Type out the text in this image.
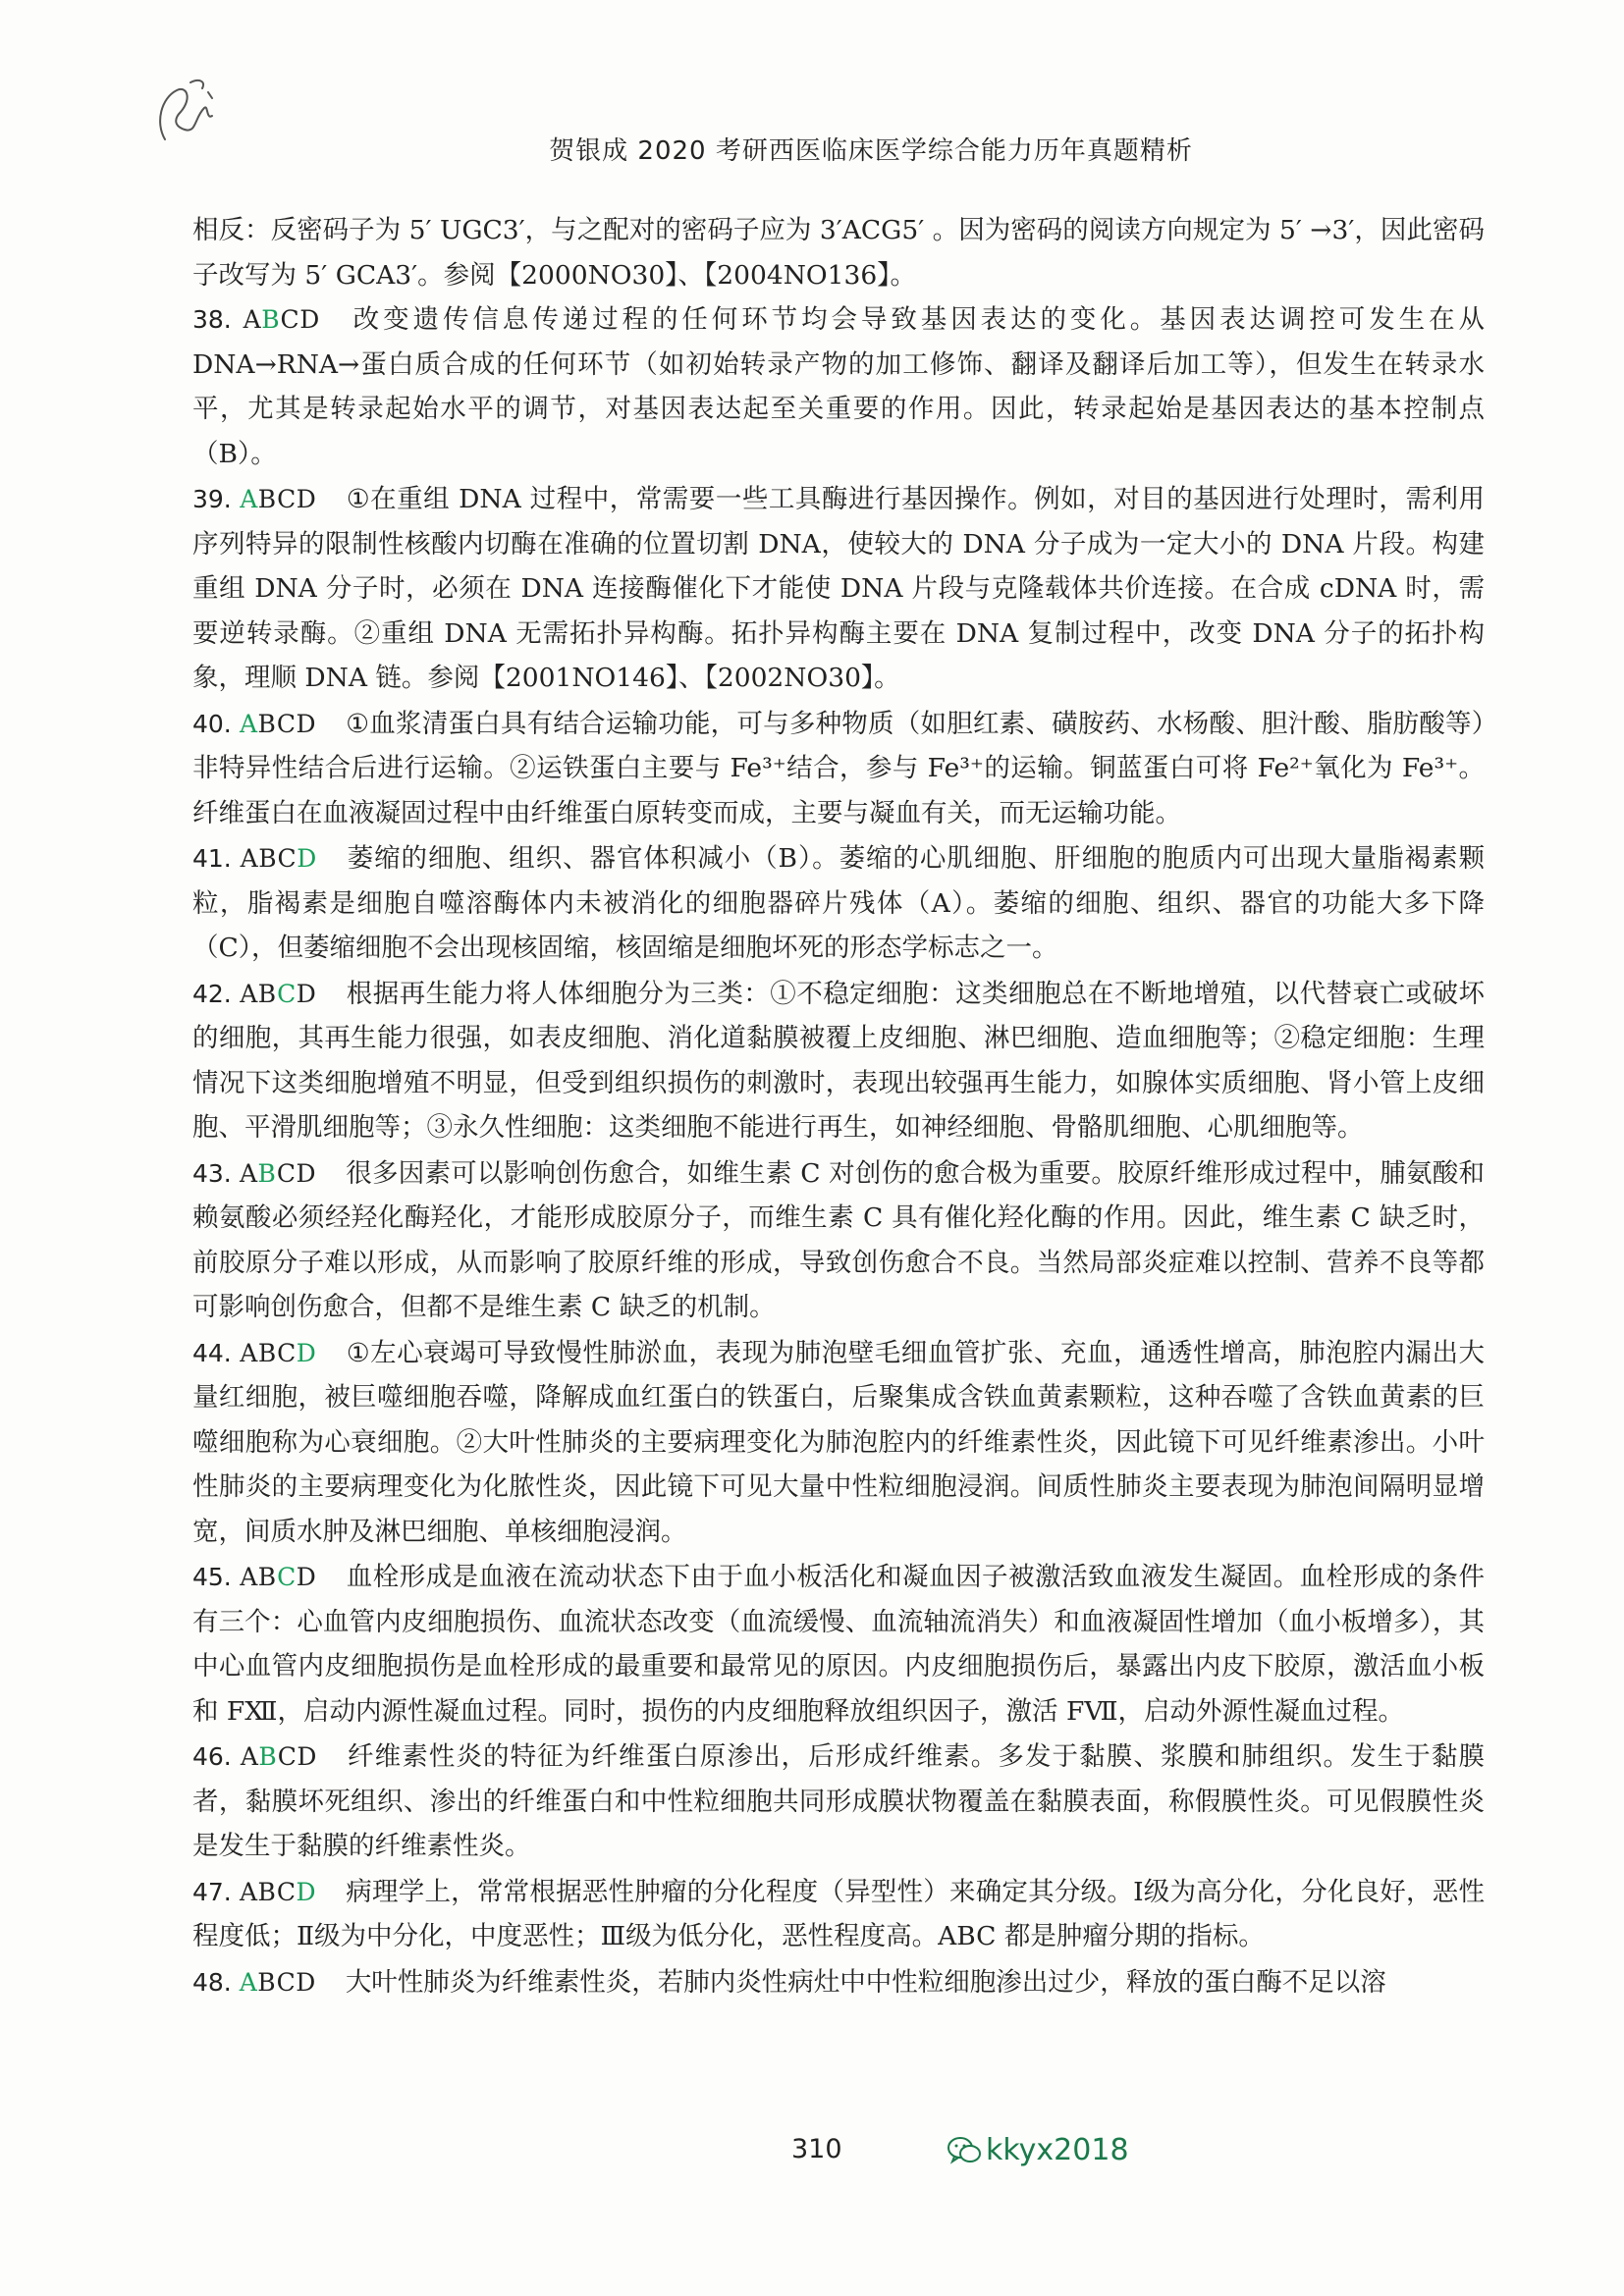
贺银成 2020 考研西医临床医学综合能力历年真题精析

相反：反密码子为 5′ UGC3′，与之配对的密码子应为 3′ACG5′ 。因为密码的阅读方向规定为 5′ →3′，因此密码子改写为 5′ GCA3′。参阅【2000NO30】、【2004NO136】。

38. ABCD 改变遗传信息传递过程的任何环节均会导致基因表达的变化。基因表达调控可发生在从 DNA→RNA→蛋白质合成的任何环节（如初始转录产物的加工修饰、翻译及翻译后加工等），但发生在转录水平，尤其是转录起始水平的调节，对基因表达起至关重要的作用。因此，转录起始是基因表达的基本控制点（B）。

39. ABCD ①在重组 DNA 过程中，常需要一些工具酶进行基因操作。例如，对目的基因进行处理时，需利用序列特异的限制性核酸内切酶在准确的位置切割 DNA，使较大的 DNA 分子成为一定大小的 DNA 片段。构建重组 DNA 分子时，必须在 DNA 连接酶催化下才能使 DNA 片段与克隆载体共价连接。在合成 cDNA 时，需要逆转录酶。②重组 DNA 无需拓扑异构酶。拓扑异构酶主要在 DNA 复制过程中，改变 DNA 分子的拓扑构象，理顺 DNA 链。参阅【2001NO146】、【2002NO30】。

40. ABCD ①血浆清蛋白具有结合运输功能，可与多种物质（如胆红素、磺胺药、水杨酸、胆汁酸、脂肪酸等）非特异性结合后进行运输。②运铁蛋白主要与 Fe³⁺结合，参与 Fe³⁺的运输。铜蓝蛋白可将 Fe²⁺氧化为 Fe³⁺。纤维蛋白在血液凝固过程中由纤维蛋白原转变而成，主要与凝血有关，而无运输功能。

41. ABCD 萎缩的细胞、组织、器官体积减小（B）。萎缩的心肌细胞、肝细胞的胞质内可出现大量脂褐素颗粒，脂褐素是细胞自噬溶酶体内未被消化的细胞器碎片残体（A）。萎缩的细胞、组织、器官的功能大多下降（C），但萎缩细胞不会出现核固缩，核固缩是细胞坏死的形态学标志之一。

42. ABCD 根据再生能力将人体细胞分为三类：①不稳定细胞：这类细胞总在不断地增殖，以代替衰亡或破坏的细胞，其再生能力很强，如表皮细胞、消化道黏膜被覆上皮细胞、淋巴细胞、造血细胞等；②稳定细胞：生理情况下这类细胞增殖不明显，但受到组织损伤的刺激时，表现出较强再生能力，如腺体实质细胞、肾小管上皮细胞、平滑肌细胞等；③永久性细胞：这类细胞不能进行再生，如神经细胞、骨骼肌细胞、心肌细胞等。

43. ABCD 很多因素可以影响创伤愈合，如维生素 C 对创伤的愈合极为重要。胶原纤维形成过程中，脯氨酸和赖氨酸必须经羟化酶羟化，才能形成胶原分子，而维生素 C 具有催化羟化酶的作用。因此，维生素 C 缺乏时，前胶原分子难以形成，从而影响了胶原纤维的形成，导致创伤愈合不良。当然局部炎症难以控制、营养不良等都可影响创伤愈合，但都不是维生素 C 缺乏的机制。

44. ABCD ①左心衰竭可导致慢性肺淤血，表现为肺泡壁毛细血管扩张、充血，通透性增高，肺泡腔内漏出大量红细胞，被巨噬细胞吞噬，降解成血红蛋白的铁蛋白，后聚集成含铁血黄素颗粒，这种吞噬了含铁血黄素的巨噬细胞称为心衰细胞。②大叶性肺炎的主要病理变化为肺泡腔内的纤维素性炎，因此镜下可见纤维素渗出。小叶性肺炎的主要病理变化为化脓性炎，因此镜下可见大量中性粒细胞浸润。间质性肺炎主要表现为肺泡间隔明显增宽，间质水肿及淋巴细胞、单核细胞浸润。

45. ABCD 血栓形成是血液在流动状态下由于血小板活化和凝血因子被激活致血液发生凝固。血栓形成的条件有三个：心血管内皮细胞损伤、血流状态改变（血流缓慢、血流轴流消失）和血液凝固性增加（血小板增多），其中心血管内皮细胞损伤是血栓形成的最重要和最常见的原因。内皮细胞损伤后，暴露出内皮下胶原，激活血小板和 FⅫ，启动内源性凝血过程。同时，损伤的内皮细胞释放组织因子，激活 FⅦ，启动外源性凝血过程。

46. ABCD 纤维素性炎的特征为纤维蛋白原渗出，后形成纤维素。多发于黏膜、浆膜和肺组织。发生于黏膜者，黏膜坏死组织、渗出的纤维蛋白和中性粒细胞共同形成膜状物覆盖在黏膜表面，称假膜性炎。可见假膜性炎是发生于黏膜的纤维素性炎。

47. ABCD 病理学上，常常根据恶性肿瘤的分化程度（异型性）来确定其分级。Ⅰ级为高分化，分化良好，恶性程度低；Ⅱ级为中分化，中度恶性；Ⅲ级为低分化，恶性程度高。ABC 都是肿瘤分期的指标。

48. ABCD 大叶性肺炎为纤维素性炎，若肺内炎性病灶中中性粒细胞渗出过少，释放的蛋白酶不足以溶

310	kkyx2018
